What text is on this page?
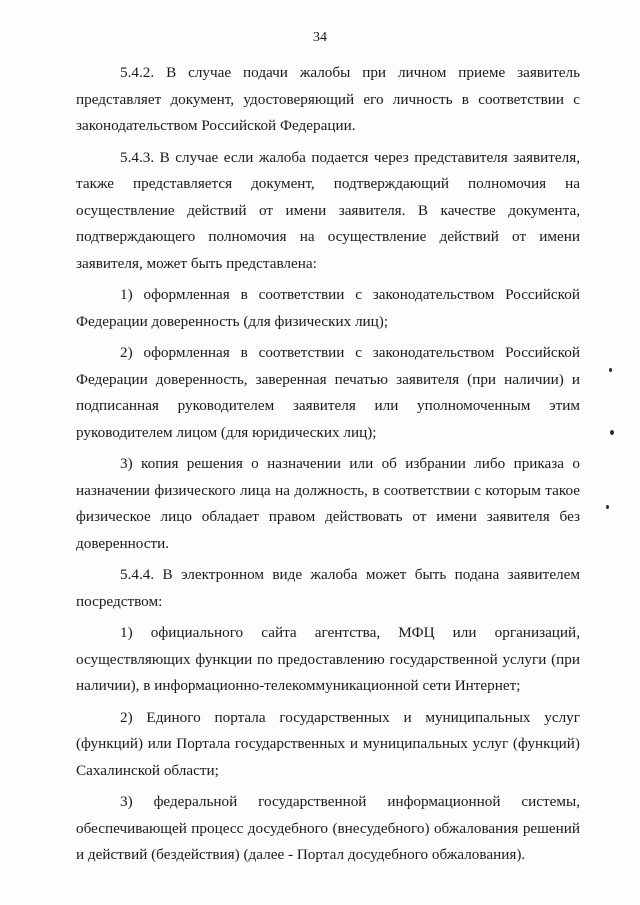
34

5.4.2. В случае подачи жалобы при личном приеме заявитель представляет документ, удостоверяющий его личность в соответствии с законодательством Российской Федерации.

5.4.3. В случае если жалоба подается через представителя заявителя, также представляется документ, подтверждающий полномочия на осуществление действий от имени заявителя. В качестве документа, подтверждающего полномочия на осуществление действий от имени заявителя, может быть представлена:

1) оформленная в соответствии с законодательством Российской Федерации доверенность (для физических лиц);

2) оформленная в соответствии с законодательством Российской Федерации доверенность, заверенная печатью заявителя (при наличии) и подписанная руководителем заявителя или уполномоченным этим руководителем лицом (для юридических лиц);

3) копия решения о назначении или об избрании либо приказа о назначении физического лица на должность, в соответствии с которым такое физическое лицо обладает правом действовать от имени заявителя без доверенности.

5.4.4. В электронном виде жалоба может быть подана заявителем посредством:

1) официального сайта агентства, МФЦ или организаций, осуществляющих функции по предоставлению государственной услуги (при наличии), в информационно-телекоммуникационной сети Интернет;

2) Единого портала государственных и муниципальных услуг (функций) или Портала государственных и муниципальных услуг (функций) Сахалинской области;

3) федеральной государственной информационной системы, обеспечивающей процесс досудебного (внесудебного) обжалования решений и действий (бездействия) (далее - Портал досудебного обжалования).
